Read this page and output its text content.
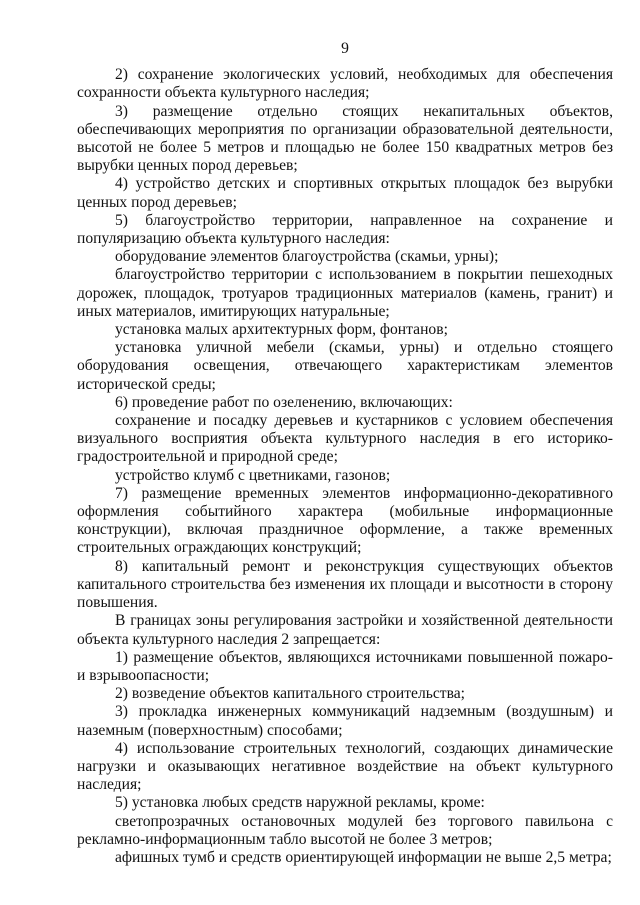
9

2) сохранение экологических условий, необходимых для обеспечения сохранности объекта культурного наследия;

3) размещение отдельно стоящих некапитальных объектов, обеспечивающих мероприятия по организации образовательной деятельности, высотой не более 5 метров и площадью не более 150 квадратных метров без вырубки ценных пород деревьев;

4) устройство детских и спортивных открытых площадок без вырубки ценных пород деревьев;

5) благоустройство территории, направленное на сохранение и популяризацию объекта культурного наследия:

оборудование элементов благоустройства (скамьи, урны);

благоустройство территории с использованием в покрытии пешеходных дорожек, площадок, тротуаров традиционных материалов (камень, гранит) и иных материалов, имитирующих натуральные;

установка малых архитектурных форм, фонтанов;

установка уличной мебели (скамьи, урны) и отдельно стоящего оборудования освещения, отвечающего характеристикам элементов исторической среды;

6) проведение работ по озеленению, включающих:

сохранение и посадку деревьев и кустарников с условием обеспечения визуального восприятия объекта культурного наследия в его историко-градостроительной и природной среде;

устройство клумб с цветниками, газонов;

7) размещение временных элементов информационно-декоративного оформления событийного характера (мобильные информационные конструкции), включая праздничное оформление, а также временных строительных ограждающих конструкций;

8) капитальный ремонт и реконструкция существующих объектов капитального строительства без изменения их площади и высотности в сторону повышения.

В границах зоны регулирования застройки и хозяйственной деятельности объекта культурного наследия 2 запрещается:

1) размещение объектов, являющихся источниками повышенной пожаро- и взрывоопасности;

2) возведение объектов капитального строительства;

3) прокладка инженерных коммуникаций надземным (воздушным) и наземным (поверхностным) способами;

4) использование строительных технологий, создающих динамические нагрузки и оказывающих негативное воздействие на объект культурного наследия;

5) установка любых средств наружной рекламы, кроме:

светопрозрачных остановочных модулей без торгового павильона с рекламно-информационным табло высотой не более 3 метров;

афишных тумб и средств ориентирующей информации не выше 2,5 метра;
